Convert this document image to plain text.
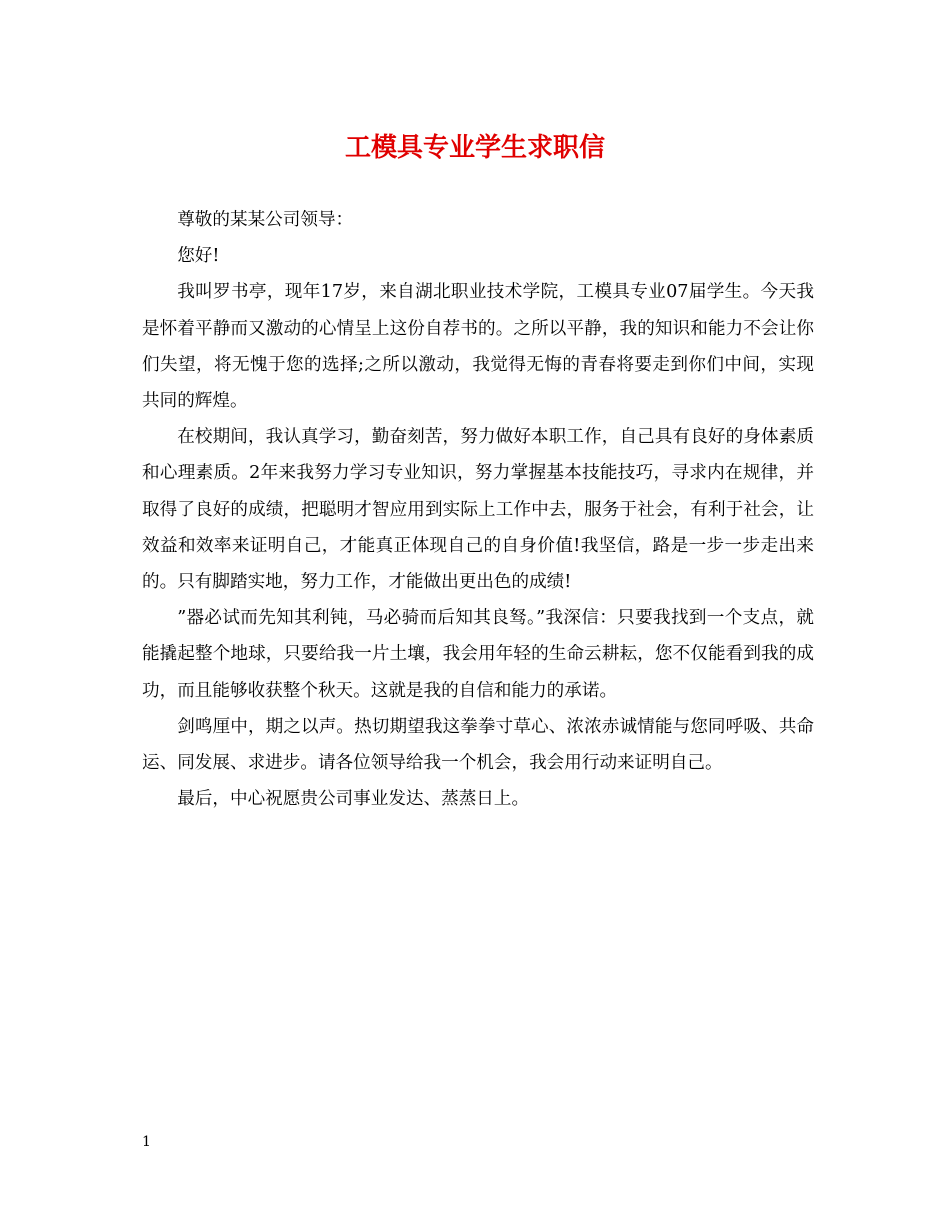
工模具专业学生求职信

尊敬的某某公司领导：

您好!

我叫罗书亭，现年17岁，来自湖北职业技术学院，工模具专业07届学生。今天我是怀着平静而又激动的心情呈上这份自荐书的。之所以平静，我的知识和能力不会让你们失望，将无愧于您的选择;之所以激动，我觉得无悔的青春将要走到你们中间，实现共同的辉煌。

在校期间，我认真学习，勤奋刻苦，努力做好本职工作，自己具有良好的身体素质和心理素质。2年来我努力学习专业知识，努力掌握基本技能技巧，寻求内在规律，并取得了良好的成绩，把聪明才智应用到实际上工作中去，服务于社会，有利于社会，让效益和效率来证明自己，才能真正体现自己的自身价值!我坚信，路是一步一步走出来的。只有脚踏实地，努力工作，才能做出更出色的成绩!

”器必试而先知其利钝，马必骑而后知其良驽。”我深信：只要我找到一个支点，就能撬起整个地球，只要给我一片土壤，我会用年轻的生命云耕耘，您不仅能看到我的成功，而且能够收获整个秋天。这就是我的自信和能力的承诺。

剑鸣厘中，期之以声。热切期望我这拳拳寸草心、浓浓赤诚情能与您同呼吸、共命运、同发展、求进步。请各位领导给我一个机会，我会用行动来证明自己。

最后，中心祝愿贵公司事业发达、蒸蒸日上。

1
